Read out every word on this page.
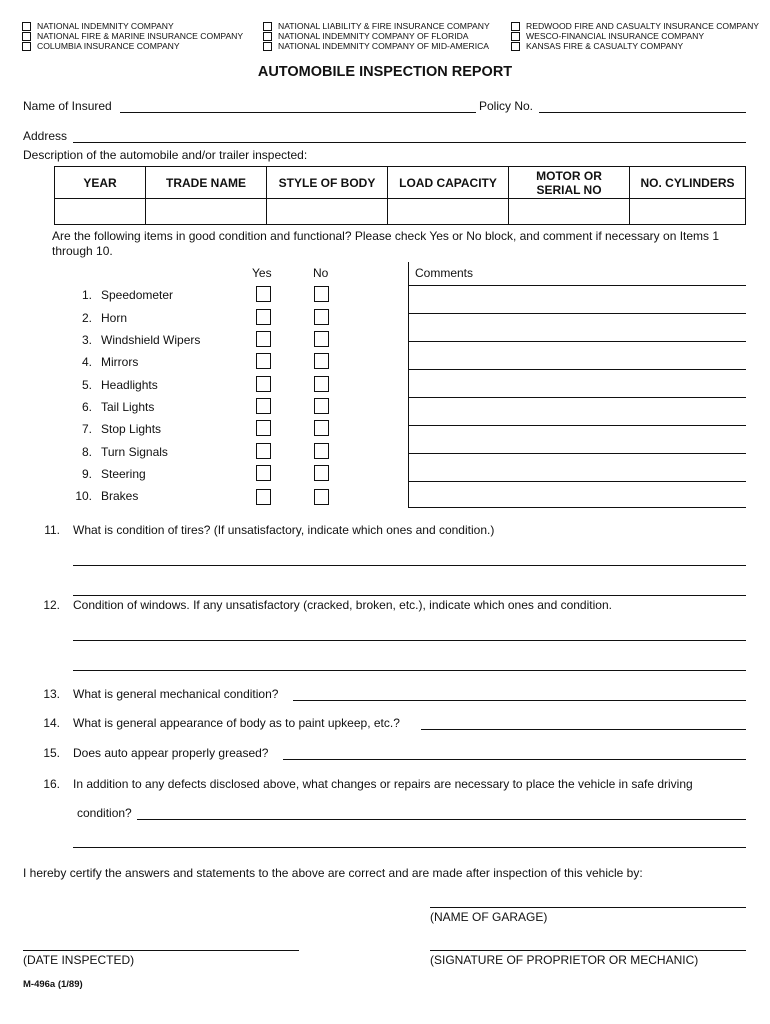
NATIONAL INDEMNITY COMPANY
NATIONAL FIRE & MARINE INSURANCE COMPANY
COLUMBIA INSURANCE COMPANY
NATIONAL LIABILITY & FIRE INSURANCE COMPANY
NATIONAL INDEMNITY COMPANY OF FLORIDA
NATIONAL INDEMNITY COMPANY OF MID-AMERICA
REDWOOD FIRE AND CASUALTY INSURANCE COMPANY
WESCO-FINANCIAL INSURANCE COMPANY
KANSAS FIRE & CASUALTY COMPANY
AUTOMOBILE INSPECTION REPORT
Name of Insured	Policy No.
Address
Description of the automobile and/or trailer inspected:
YEAR	TRADE NAME	STYLE OF BODY	LOAD CAPACITY	MOTOR OR SERIAL NO	NO. CYLINDERS

Are the following items in good condition and functional? Please check Yes or No block, and comment if necessary on Items 1 through 10.
Yes	No	Comments
1. Speedometer
2. Horn
3. Windshield Wipers
4. Mirrors
5. Headlights
6. Tail Lights
7. Stop Lights
8. Turn Signals
9. Steering
10. Brakes
11. What is condition of tires? (If unsatisfactory, indicate which ones and condition.)
12. Condition of windows. If any unsatisfactory (cracked, broken, etc.), indicate which ones and condition.
13. What is general mechanical condition?
14. What is general appearance of body as to paint upkeep, etc.?
15. Does auto appear properly greased?
16. In addition to any defects disclosed above, what changes or repairs are necessary to place the vehicle in safe driving
condition?
I hereby certify the answers and statements to the above are correct and are made after inspection of this vehicle by:
(NAME OF GARAGE)
(DATE INSPECTED)	(SIGNATURE OF PROPRIETOR OR MECHANIC)
M-496a (1/89)
